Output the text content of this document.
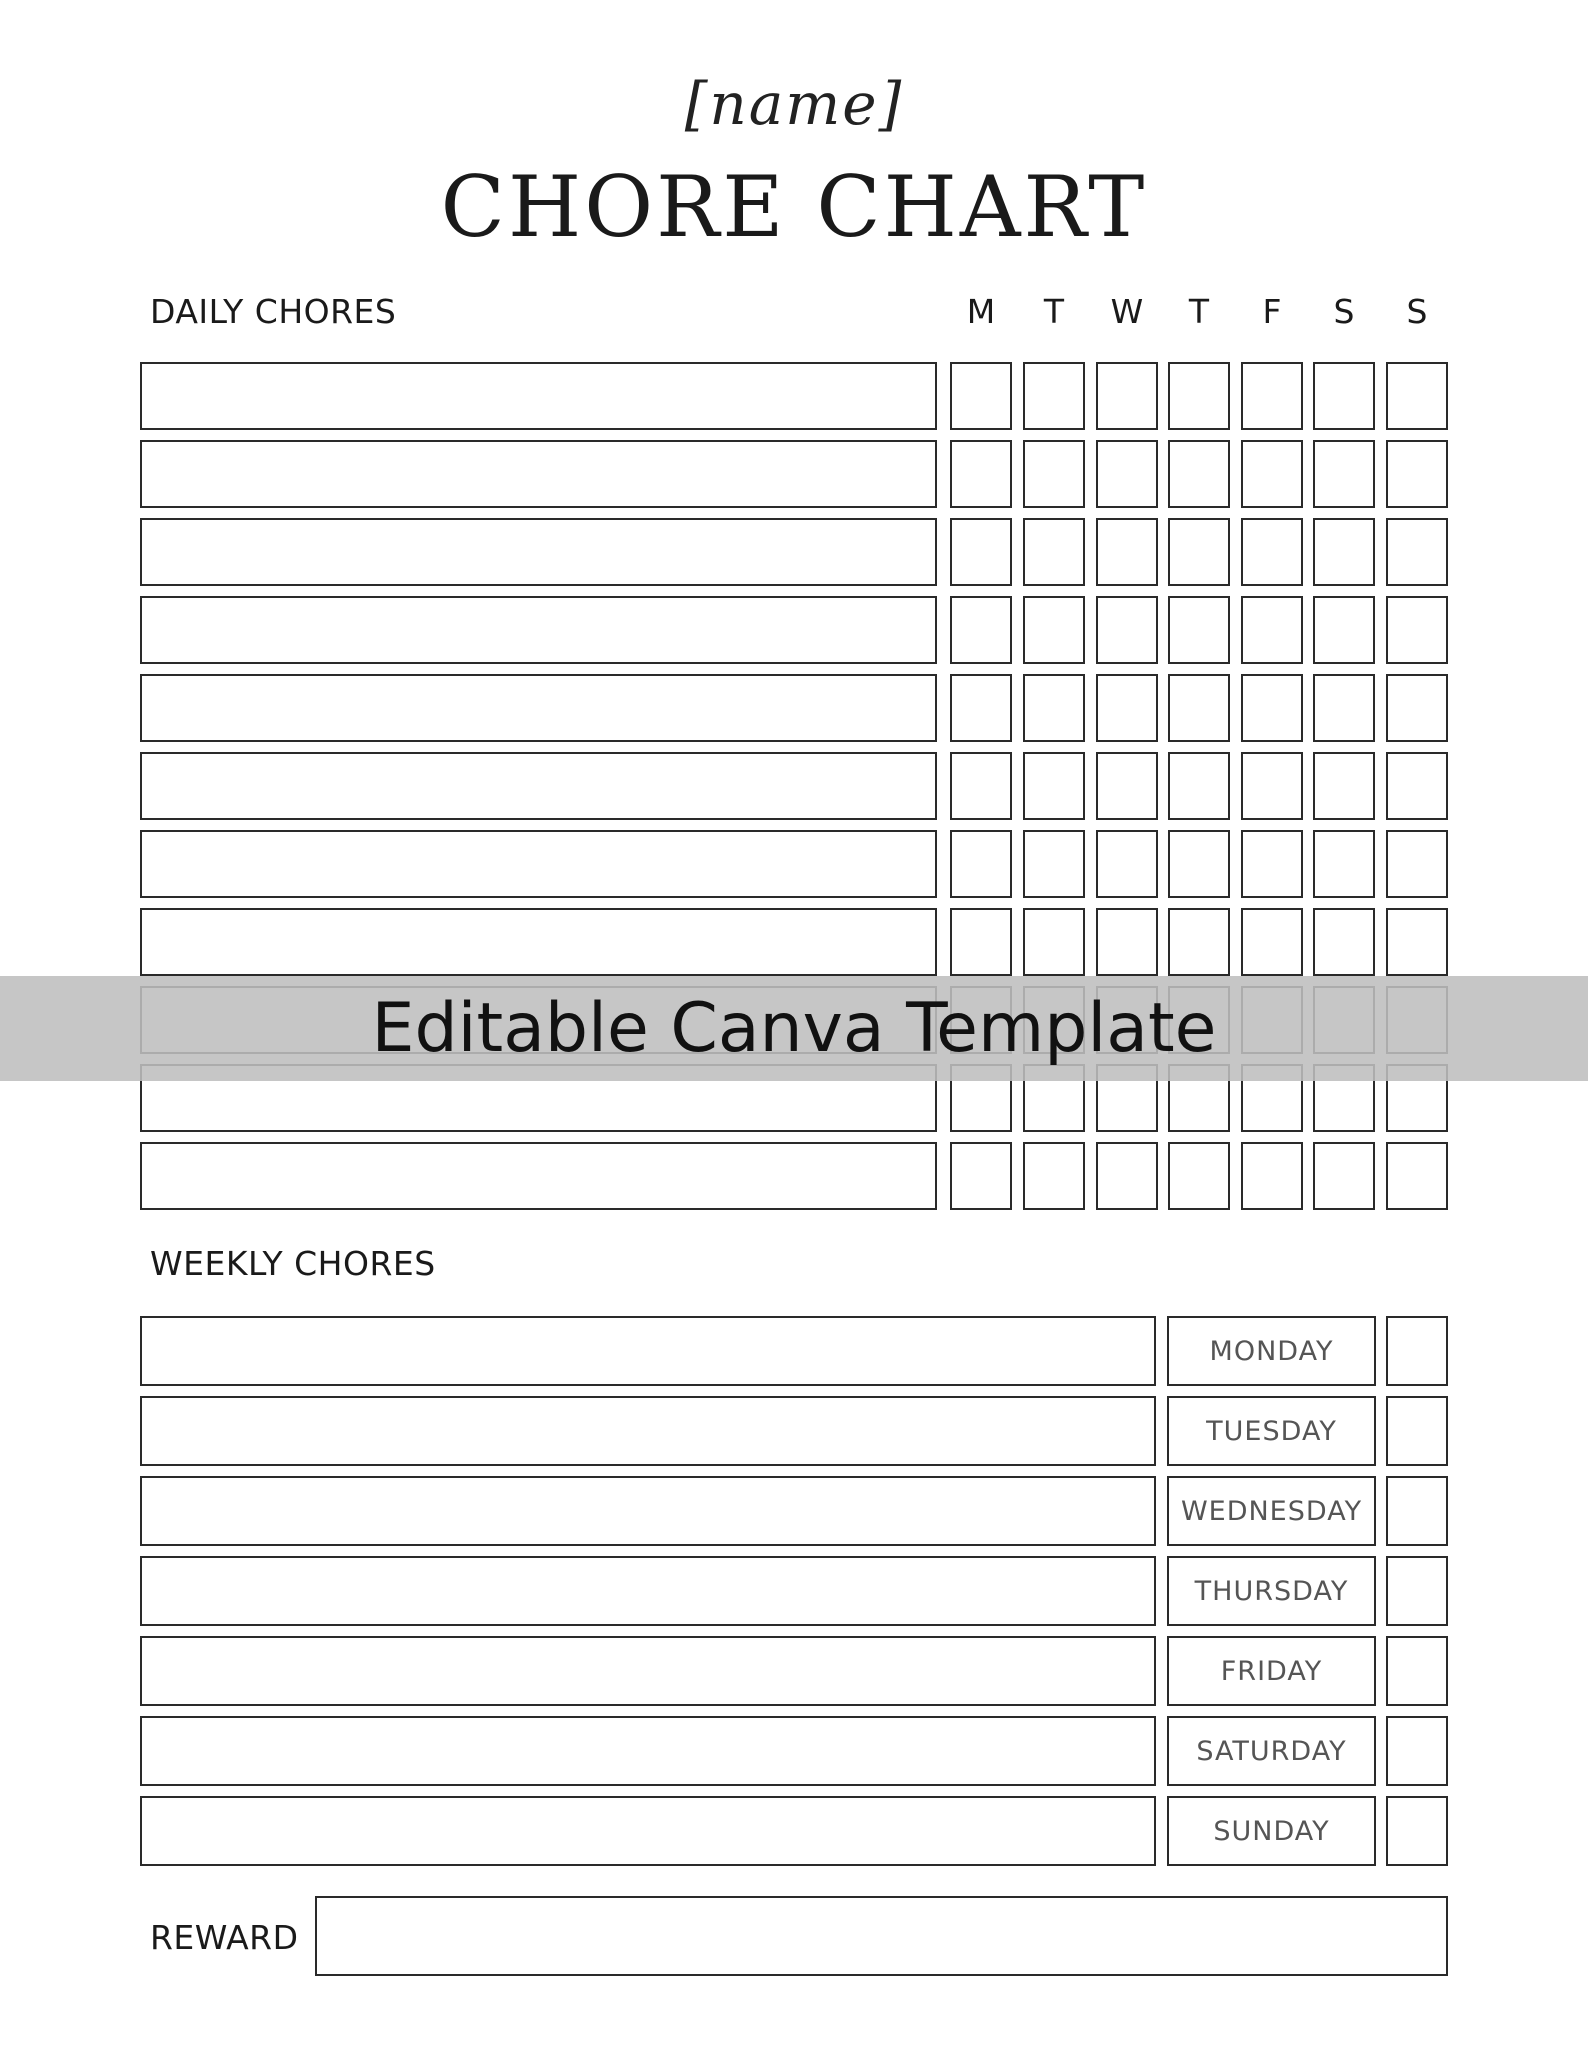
[name]
CHORE CHART
DAILY CHORES	M	T	W	T	F	S	S
WEEKLY CHORES
MONDAY
TUESDAY
WEDNESDAY
THURSDAY
FRIDAY
SATURDAY
SUNDAY
REWARD
Editable Canva Template
